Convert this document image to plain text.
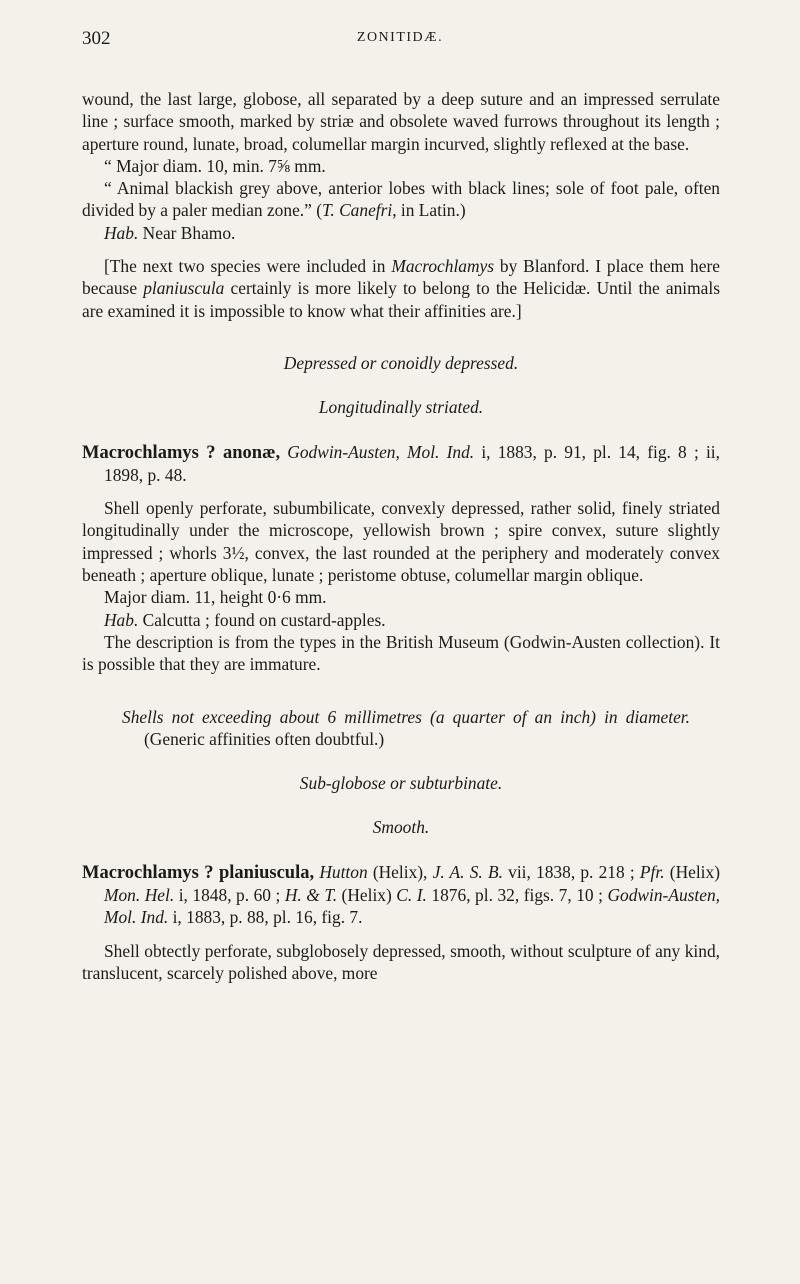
302	ZONITIDÆ.

wound, the last large, globose, all separated by a deep suture and an impressed serrulate line ; surface smooth, marked by striæ and obsolete waved furrows throughout its length ; aperture round, lunate, broad, columellar margin incurved, slightly reflexed at the base.

“ Major diam. 10, min. 7⅝ mm.

“ Animal blackish grey above, anterior lobes with black lines; sole of foot pale, often divided by a paler median zone.” (T. Canefri, in Latin.)

Hab. Near Bhamo.

[The next two species were included in Macrochlamys by Blanford. I place them here because planiuscula certainly is more likely to belong to the Helicidæ. Until the animals are examined it is impossible to know what their affinities are.]

Depressed or conoidly depressed.

Longitudinally striated.

Macrochlamys ? anonæ, Godwin-Austen, Mol. Ind. i, 1883, p. 91, pl. 14, fig. 8 ; ii, 1898, p. 48.

Shell openly perforate, subumbilicate, convexly depressed, rather solid, finely striated longitudinally under the microscope, yellowish brown ; spire convex, suture slightly impressed ; whorls 3½, convex, the last rounded at the periphery and moderately convex beneath ; aperture oblique, lunate ; peristome obtuse, columellar margin oblique.

Major diam. 11, height 0·6 mm.

Hab. Calcutta ; found on custard-apples.

The description is from the types in the British Museum (Godwin-Austen collection). It is possible that they are immature.

Shells not exceeding about 6 millimetres (a quarter of an inch) in diameter. (Generic affinities often doubtful.)

Sub-globose or subturbinate.

Smooth.

Macrochlamys ? planiuscula, Hutton (Helix), J. A. S. B. vii, 1838, p. 218 ; Pfr. (Helix) Mon. Hel. i, 1848, p. 60 ; H. & T. (Helix) C. I. 1876, pl. 32, figs. 7, 10 ; Godwin-Austen, Mol. Ind. i, 1883, p. 88, pl. 16, fig. 7.

Shell obtectly perforate, subglobosely depressed, smooth, without sculpture of any kind, translucent, scarcely polished above, more
